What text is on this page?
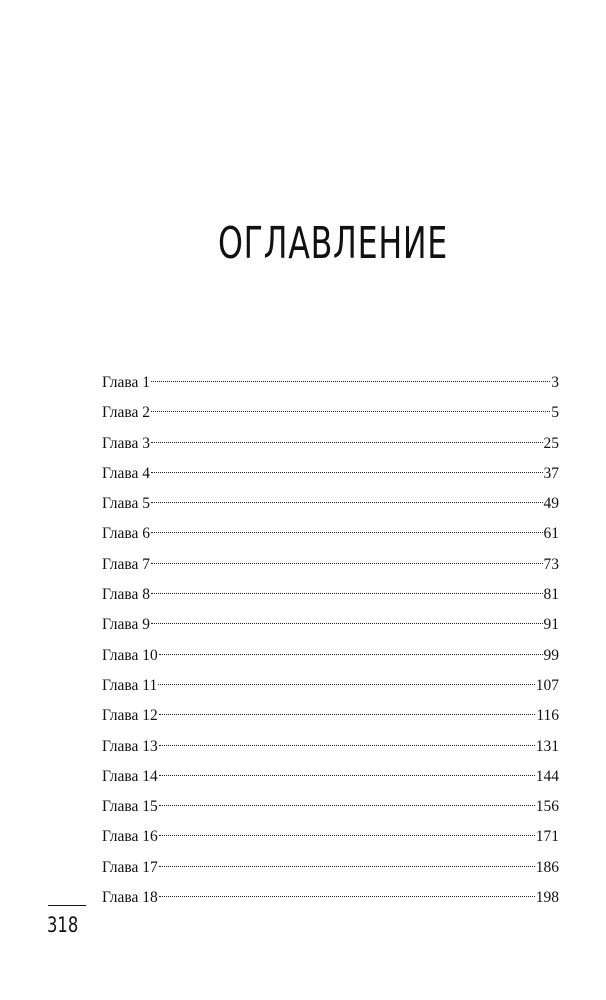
ОГЛАВЛЕНИЕ
Глава 1	3
Глава 2	5
Глава 3	25
Глава 4	37
Глава 5	49
Глава 6	61
Глава 7	73
Глава 8	81
Глава 9	91
Глава 10	99
Глава 11	107
Глава 12	116
Глава 13	131
Глава 14	144
Глава 15	156
Глава 16	171
Глава 17	186
Глава 18	198
318
